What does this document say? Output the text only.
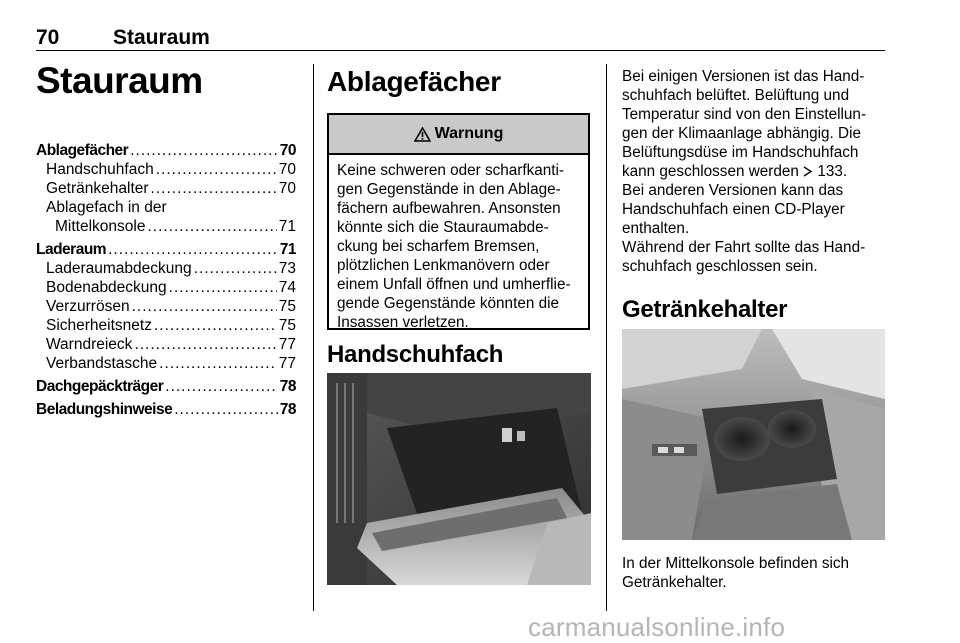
70	Stauraum
Stauraum
Ablagefächer .....	70
Handschuhfach .....	70
Getränkehalter .....	70
Ablagefach in der
Mittelkonsole .....	71
Laderaum .....	71
Laderaumabdeckung .....	73
Bodenabdeckung .....	74
Verzurrösen .....	75
Sicherheitsnetz .....	75
Warndreieck .....	77
Verbandstasche .....	77
Dachgepäckträger .....	78
Beladungshinweise .....	78
Ablagefächer
Warnung
Keine schweren oder scharfkanti-
gen Gegenstände in den Ablage-
fächern aufbewahren. Ansonsten
könnte sich die Stauraumabde-
ckung bei scharfem Bremsen,
plötzlichen Lenkmanövern oder
einem Unfall öffnen und umherflie-
gende Gegenstände könnten die
Insassen verletzen.
Handschuhfach
Bei einigen Versionen ist das Hand-
schuhfach belüftet. Belüftung und
Temperatur sind von den Einstellun-
gen der Klimaanlage abhängig. Die
Belüftungsdüse im Handschuhfach
kann geschlossen werden 133.
Bei anderen Versionen kann das
Handschuhfach einen CD-Player
enthalten.
Während der Fahrt sollte das Hand-
schuhfach geschlossen sein.
Getränkehalter
In der Mittelkonsole befinden sich
Getränkehalter.
carmanualsonline.info
